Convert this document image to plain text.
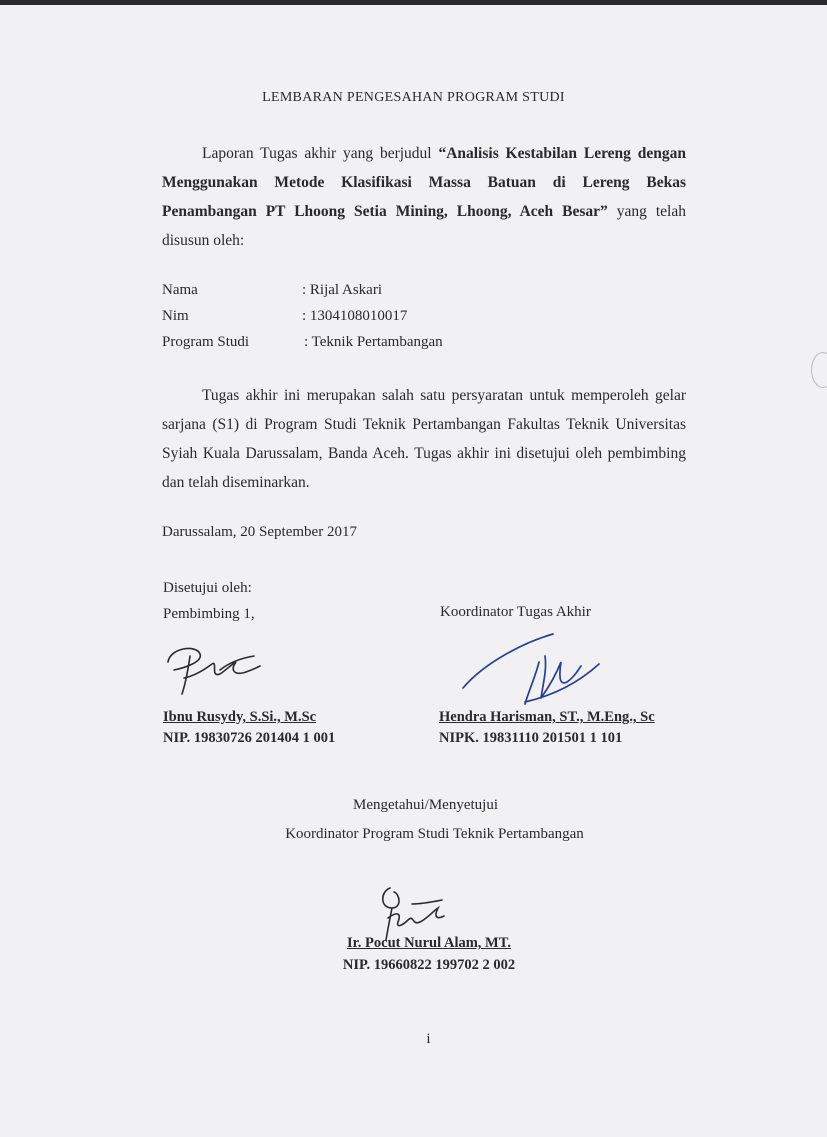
LEMBARAN PENGESAHAN PROGRAM STUDI
Laporan Tugas akhir yang berjudul “Analisis Kestabilan Lereng dengan
Menggunakan Metode Klasifikasi Massa Batuan di Lereng Bekas
Penambangan PT Lhoong Setia Mining, Lhoong, Aceh Besar” yang telah
disusun oleh:
Nama	: Rijal Askari
Nim	: 1304108010017
Program Studi	: Teknik Pertambangan
Tugas akhir ini merupakan salah satu persyaratan untuk memperoleh gelar
sarjana (S1) di Program Studi Teknik Pertambangan Fakultas Teknik Universitas
Syiah Kuala Darussalam, Banda Aceh. Tugas akhir ini disetujui oleh pembimbing
dan telah diseminarkan.
Darussalam, 20 September 2017
Disetujui oleh:
Pembimbing 1,	Koordinator Tugas Akhir
Ibnu Rusydy, S.Si., M.Sc
NIP. 19830726 201404 1 001
Hendra Harisman, ST., M.Eng., Sc
NIPK. 19831110 201501 1 101
Mengetahui/Menyetujui
Koordinator Program Studi Teknik Pertambangan
Ir. Pocut Nurul Alam, MT.
NIP. 19660822 199702 2 002
i
